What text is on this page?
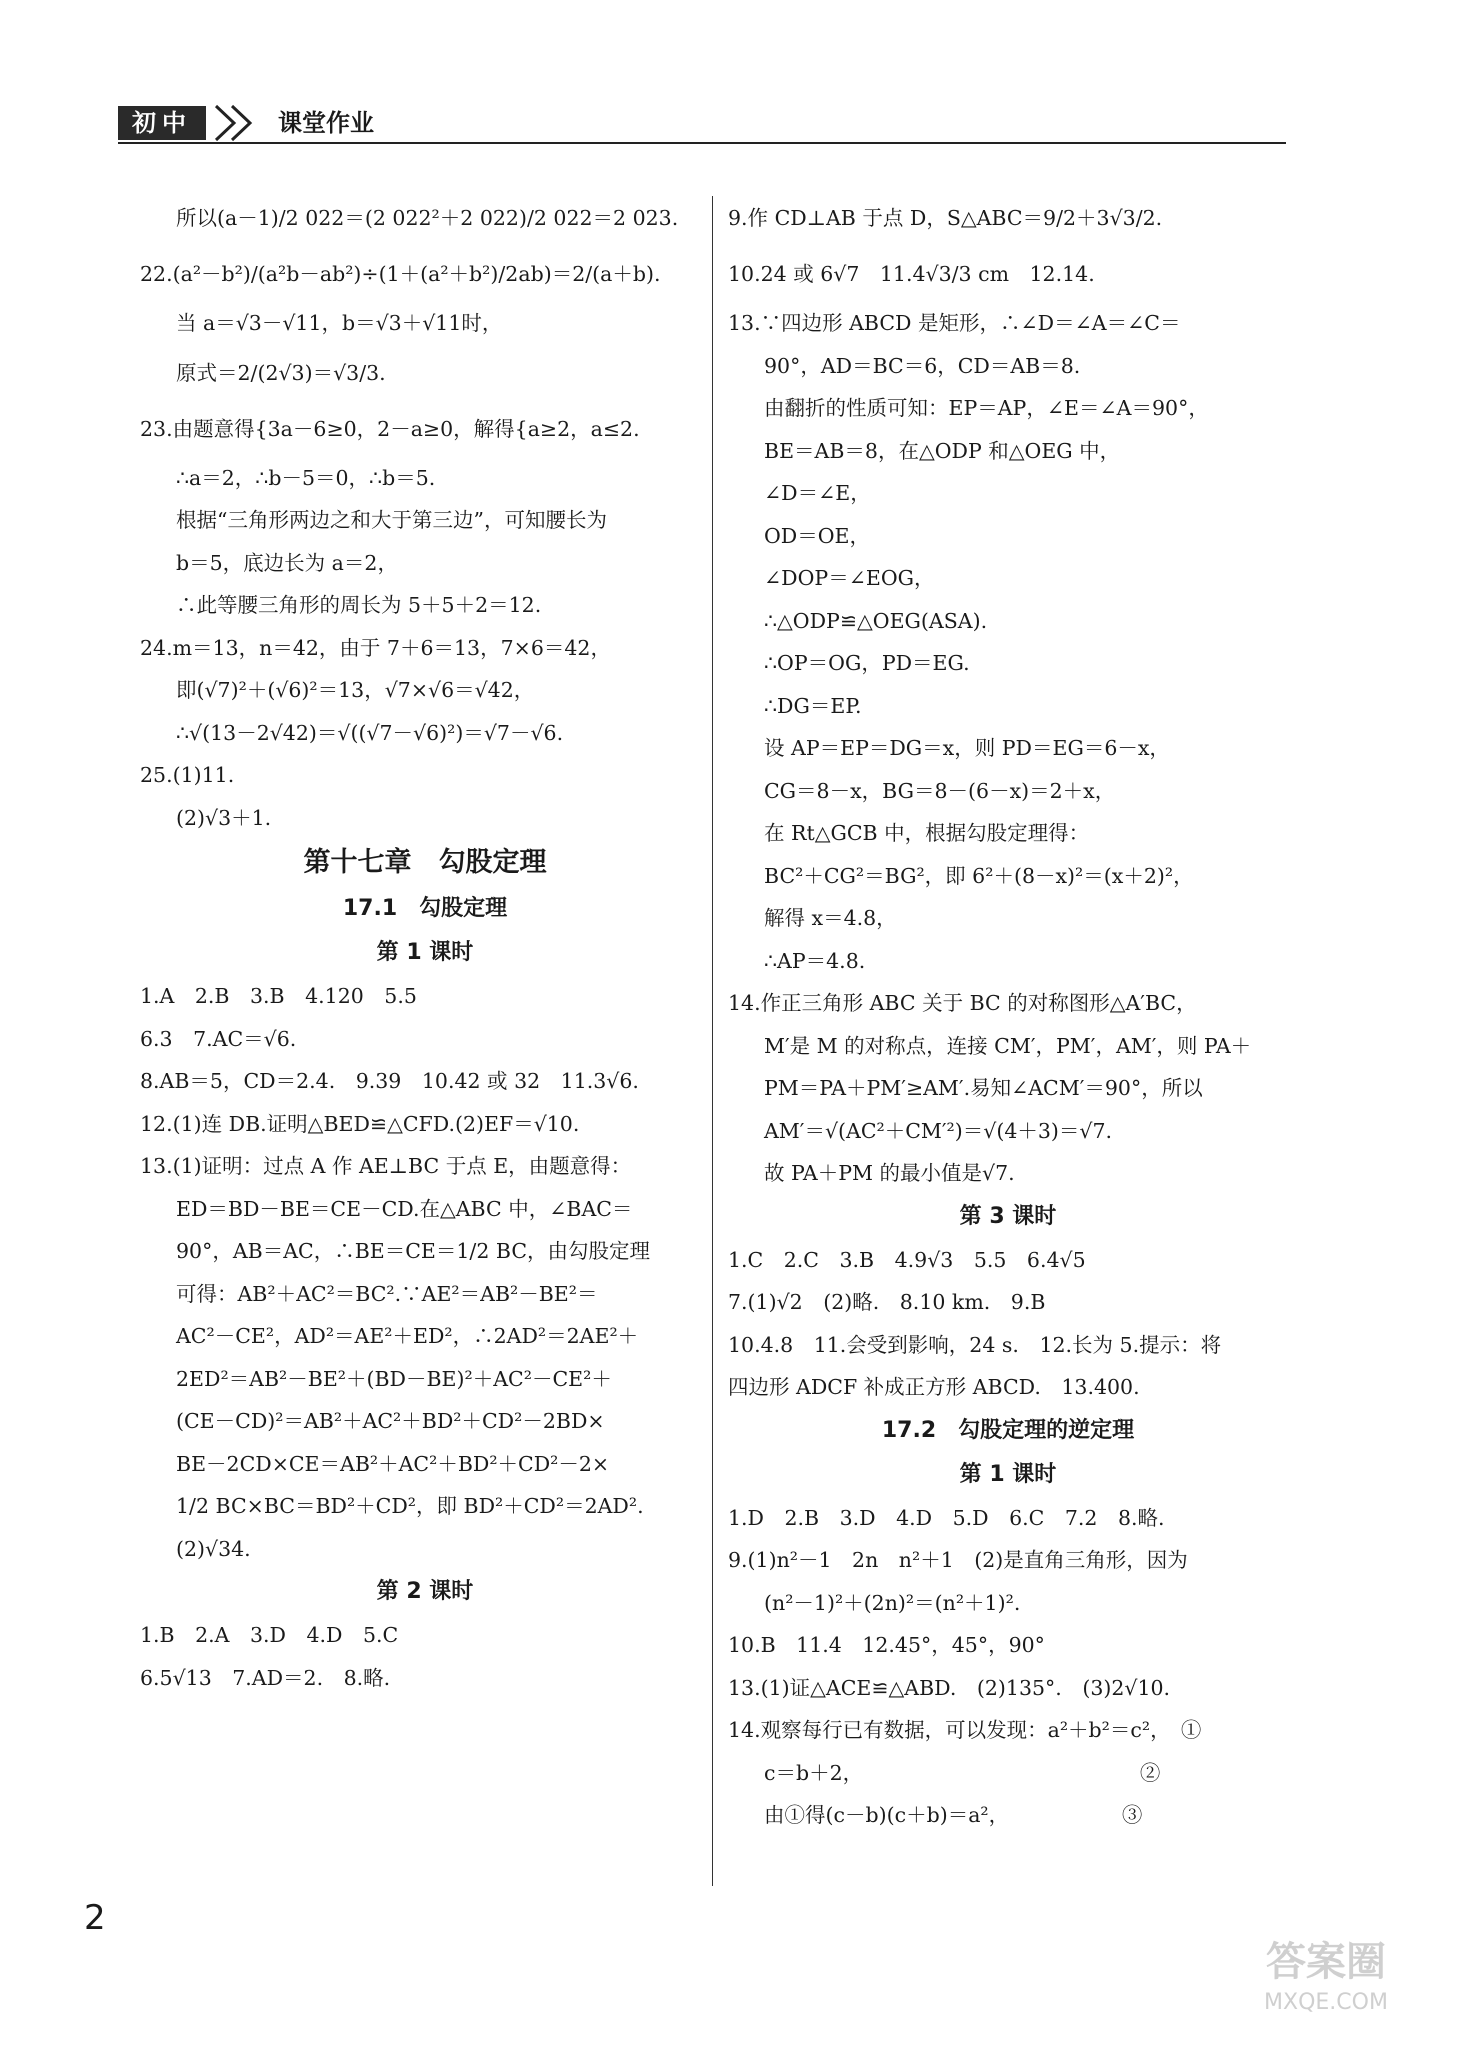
初中	课堂作业
所以(a－1)/2 022＝(2 022²＋2 022)/2 022＝2 023.
22.(a²－b²)/(a²b－ab²)÷(1＋(a²＋b²)/2ab)＝2/(a＋b).
当 a＝√3－√11，b＝√3＋√11时，
原式＝2/(2√3)＝√3/3.
23.由题意得{3a－6≥0，2－a≥0，解得{a≥2，a≤2.
∴a＝2，∴b－5＝0，∴b＝5.
根据“三角形两边之和大于第三边”，可知腰长为
b＝5，底边长为 a＝2，
∴此等腰三角形的周长为 5＋5＋2＝12.
24.m＝13，n＝42，由于 7＋6＝13，7×6＝42，
即(√7)²＋(√6)²＝13，√7×√6＝√42，
∴√(13－2√42)＝√((√7－√6)²)＝√7－√6.
25.(1)11.
(2)√3＋1.
第十七章　勾股定理
17.1　勾股定理
第 1 课时
1.A　2.B　3.B　4.120　5.5
6.3　7.AC＝√6.
8.AB＝5，CD＝2.4.　9.39　10.42 或 32　11.3√6.
12.(1)连 DB.证明△BED≌△CFD.(2)EF＝√10.
13.(1)证明：过点 A 作 AE⊥BC 于点 E，由题意得：
ED＝BD－BE＝CE－CD.在△ABC 中，∠BAC＝
90°，AB＝AC，∴BE＝CE＝1/2 BC，由勾股定理
可得：AB²＋AC²＝BC².∵AE²＝AB²－BE²＝
AC²－CE²，AD²＝AE²＋ED²，∴2AD²＝2AE²＋
2ED²＝AB²－BE²＋(BD－BE)²＋AC²－CE²＋
(CE－CD)²＝AB²＋AC²＋BD²＋CD²－2BD×
BE－2CD×CE＝AB²＋AC²＋BD²＋CD²－2×
1/2 BC×BC＝BD²＋CD²，即 BD²＋CD²＝2AD².
(2)√34.
第 2 课时
1.B　2.A　3.D　4.D　5.C
6.5√13　7.AD＝2.　8.略.
9.作 CD⊥AB 于点 D，S△ABC＝9/2＋3√3/2.
10.24 或 6√7　11.4√3/3 cm　12.14.
13.∵四边形 ABCD 是矩形，∴∠D＝∠A＝∠C＝
90°，AD＝BC＝6，CD＝AB＝8.
由翻折的性质可知：EP＝AP，∠E＝∠A＝90°，
BE＝AB＝8，在△ODP 和△OEG 中，
∠D＝∠E，
OD＝OE，
∠DOP＝∠EOG，
∴△ODP≌△OEG(ASA).
∴OP＝OG，PD＝EG.
∴DG＝EP.
设 AP＝EP＝DG＝x，则 PD＝EG＝6－x，
CG＝8－x，BG＝8－(6－x)＝2＋x，
在 Rt△GCB 中，根据勾股定理得：
BC²＋CG²＝BG²，即 6²＋(8－x)²＝(x＋2)²，
解得 x＝4.8，
∴AP＝4.8.
14.作正三角形 ABC 关于 BC 的对称图形△A′BC，
M′是 M 的对称点，连接 CM′，PM′，AM′，则 PA＋
PM＝PA＋PM′≥AM′.易知∠ACM′＝90°，所以
AM′＝√(AC²＋CM′²)＝√(4＋3)＝√7.
故 PA＋PM 的最小值是√7.
第 3 课时
1.C　2.C　3.B　4.9√3　5.5　6.4√5
7.(1)√2　(2)略.　8.10 km.　9.B
10.4.8　11.会受到影响，24 s.　12.长为 5.提示：将
四边形 ADCF 补成正方形 ABCD.　13.400.
17.2　勾股定理的逆定理
第 1 课时
1.D　2.B　3.D　4.D　5.D　6.C　7.2　8.略.
9.(1)n²－1　2n　n²＋1　(2)是直角三角形，因为
(n²－1)²＋(2n)²＝(n²＋1)².
10.B　11.4　12.45°，45°，90°
13.(1)证△ACE≌△ABD.　(2)135°.　(3)2√10.
14.观察每行已有数据，可以发现：a²＋b²＝c²，　①
c＝b＋2，　　　　　　　　　　　　　　②
由①得(c－b)(c＋b)＝a²，　　　　　　③
2
答案圈
MXQE.COM
